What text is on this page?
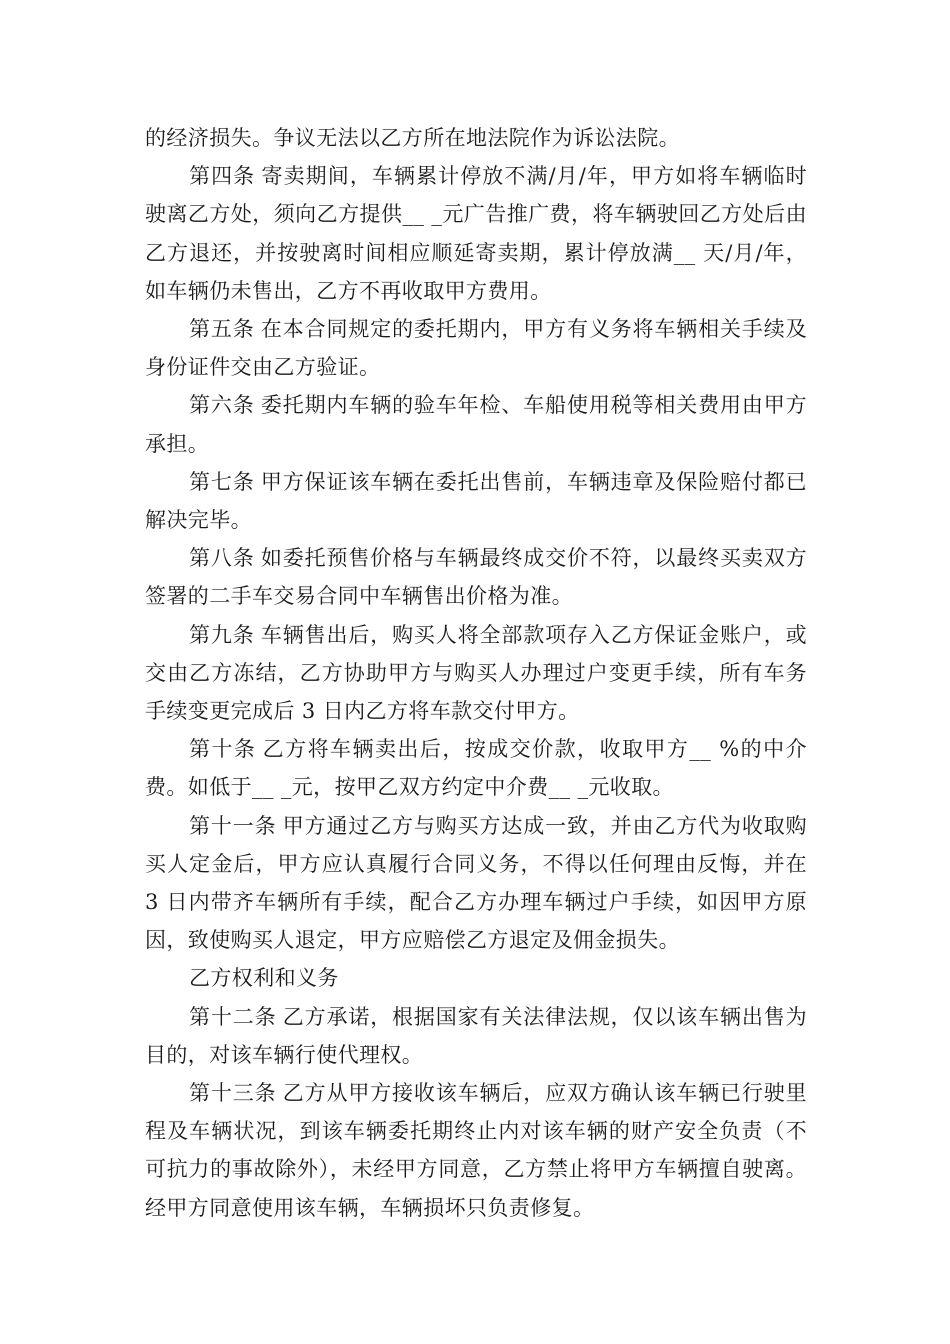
的经济损失。争议无法以乙方所在地法院作为诉讼法院。

第四条 寄卖期间，车辆累计停放不满/月/年，甲方如将车辆临时驶离乙方处，须向乙方提供__ _元广告推广费，将车辆驶回乙方处后由乙方退还，并按驶离时间相应顺延寄卖期，累计停放满__ 天/月/年，如车辆仍未售出，乙方不再收取甲方费用。

第五条 在本合同规定的委托期内，甲方有义务将车辆相关手续及身份证件交由乙方验证。

第六条 委托期内车辆的验车年检、车船使用税等相关费用由甲方承担。

第七条 甲方保证该车辆在委托出售前，车辆违章及保险赔付都已解决完毕。

第八条 如委托预售价格与车辆最终成交价不符，以最终买卖双方签署的二手车交易合同中车辆售出价格为准。

第九条 车辆售出后，购买人将全部款项存入乙方保证金账户，或交由乙方冻结，乙方协助甲方与购买人办理过户变更手续，所有车务手续变更完成后 3 日内乙方将车款交付甲方。

第十条 乙方将车辆卖出后，按成交价款，收取甲方__ %的中介费。如低于__ _元，按甲乙双方约定中介费__ _元收取。

第十一条 甲方通过乙方与购买方达成一致，并由乙方代为收取购买人定金后，甲方应认真履行合同义务，不得以任何理由反悔，并在 3 日内带齐车辆所有手续，配合乙方办理车辆过户手续，如因甲方原因，致使购买人退定，甲方应赔偿乙方退定及佣金损失。

乙方权利和义务

第十二条 乙方承诺，根据国家有关法律法规，仅以该车辆出售为目的，对该车辆行使代理权。

第十三条 乙方从甲方接收该车辆后，应双方确认该车辆已行驶里程及车辆状况，到该车辆委托期终止内对该车辆的财产安全负责（不可抗力的事故除外），未经甲方同意，乙方禁止将甲方车辆擅自驶离。经甲方同意使用该车辆，车辆损坏只负责修复。
